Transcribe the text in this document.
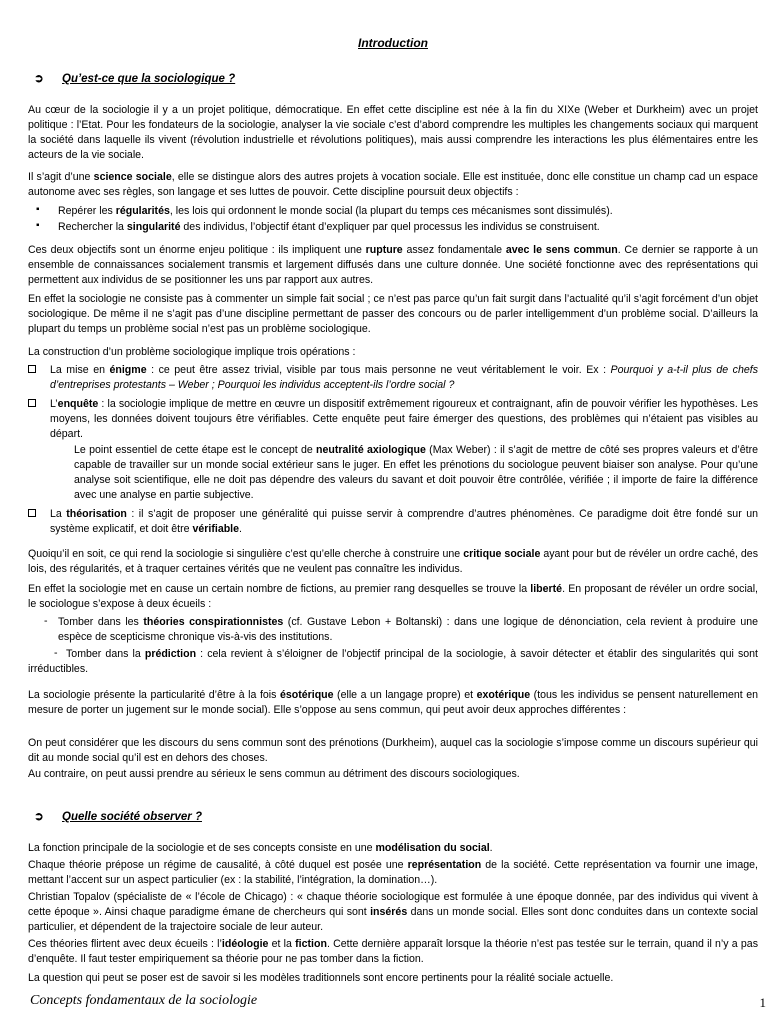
Introduction
➲ Qu’est-ce que la sociologique ?

Au cœur de la sociologie il y a un projet politique, démocratique. En effet cette discipline est née à la fin du XIXe (Weber et Durkheim) avec un projet politique : l’Etat. Pour les fondateurs de la sociologie, analyser la vie sociale c’est d’abord comprendre les multiples les changements sociaux qui marquent la société dans laquelle ils vivent (révolution industrielle et révolutions politiques), mais aussi comprendre les interactions les plus élémentaires entre les acteurs de la vie sociale.

Il s’agit d’une science sociale, elle se distingue alors des autres projets à vocation sociale. Elle est instituée, donc elle constitue un champ cad un espace autonome avec ses règles, son langage et ses luttes de pouvoir. Cette discipline poursuit deux objectifs :

▪ Repérer les régularités, les lois qui ordonnent le monde social (la plupart du temps ces mécanismes sont dissimulés).

▪ Rechercher la singularité des individus, l’objectif étant d’expliquer par quel processus les individus se construisent.

Ces deux objectifs sont un énorme enjeu politique : ils impliquent une rupture assez fondamentale avec le sens commun. Ce dernier se rapporte à un ensemble de connaissances socialement transmis et largement diffusés dans une culture donnée. Une société fonctionne avec des représentations qui permettent aux individus de se positionner les uns par rapport aux autres.

En effet la sociologie ne consiste pas à commenter un simple fait social ; ce n’est pas parce qu’un fait surgit dans l’actualité qu’il s’agit forcément d’un objet sociologique. De même il ne s’agit pas d’une discipline permettant de passer des concours ou de parler intelligemment d’un problème social. D’ailleurs la plupart du temps un problème social n’est pas un problème sociologique.

La construction d’un problème sociologique implique trois opérations :

La mise en énigme : ce peut être assez trivial, visible par tous mais personne ne veut véritablement le voir. Ex : Pourquoi y a-t-il plus de chefs d’entreprises protestants – Weber ; Pourquoi les individus acceptent-ils l’ordre social ?

L’enquête : la sociologie implique de mettre en œuvre un dispositif extrêmement rigoureux et contraignant, afin de pouvoir vérifier les hypothèses. Les moyens, les données doivent toujours être vérifiables. Cette enquête peut faire émerger des questions, des problèmes qui n’étaient pas visibles au départ.

Le point essentiel de cette étape est le concept de neutralité axiologique (Max Weber) : il s’agit de mettre de côté ses propres valeurs et d’être capable de travailler sur un monde social extérieur sans le juger. En effet les prénotions du sociologue peuvent biaiser son analyse. Pour qu’une analyse soit scientifique, elle ne doit pas dépendre des valeurs du savant et doit pouvoir être contrôlée, vérifiée ; il importe de faire la différence avec une analyse en partie subjective.

La théorisation : il s’agit de proposer une généralité qui puisse servir à comprendre d’autres phénomènes. Ce paradigme doit être fondé sur un système explicatif, et doit être vérifiable.

Quoiqu’il en soit, ce qui rend la sociologie si singulière c’est qu’elle cherche à construire une critique sociale ayant pour but de révéler un ordre caché, des lois, des régularités, et à traquer certaines vérités que ne veulent pas connaître les individus.

En effet la sociologie met en cause un certain nombre de fictions, au premier rang desquelles se trouve la liberté. En proposant de révéler un ordre social, le sociologue s’expose à deux écueils :

- Tomber dans les théories conspirationnistes (cf. Gustave Lebon + Boltanski) : dans une logique de dénonciation, cela revient à produire une espèce de scepticisme chronique vis-à-vis des institutions.

- Tomber dans la prédiction : cela revient à s’éloigner de l’objectif principal de la sociologie, à savoir détecter et établir des singularités qui sont irréductibles.

La sociologie présente la particularité d’être à la fois ésotérique (elle a un langage propre) et exotérique (tous les individus se pensent naturellement en mesure de porter un jugement sur le monde social). Elle s’oppose au sens commun, qui peut avoir deux approches différentes :

On peut considérer que les discours du sens commun sont des prénotions (Durkheim), auquel cas la sociologie s’impose comme un discours supérieur qui dit au monde social qu’il est en dehors des choses.

Au contraire, on peut aussi prendre au sérieux le sens commun au détriment des discours sociologiques.

➲ Quelle société observer ?

La fonction principale de la sociologie et de ses concepts consiste en une modélisation du social.

Chaque théorie prépose un régime de causalité, à côté duquel est posée une représentation de la société. Cette représentation va fournir une image, mettant l’accent sur un aspect particulier (ex : la stabilité, l’intégration, la domination…).

Christian Topalov (spécialiste de « l’école de Chicago) : « chaque théorie sociologique est formulée à une époque donnée, par des individus qui vivent à cette époque ». Ainsi chaque paradigme émane de chercheurs qui sont insérés dans un monde social. Elles sont donc conduites dans un contexte social particulier, et dépendent de la trajectoire sociale de leur auteur.

Ces théories flirtent avec deux écueils : l’idéologie et la fiction. Cette dernière apparaît lorsque la théorie n’est pas testée sur le terrain, quand il n’y a pas d’enquête. Il faut tester empiriquement sa théorie pour ne pas tomber dans la fiction.

La question qui peut se poser est de savoir si les modèles traditionnels sont encore pertinents pour la réalité sociale actuelle.

Concepts fondamentaux de la sociologie	1
